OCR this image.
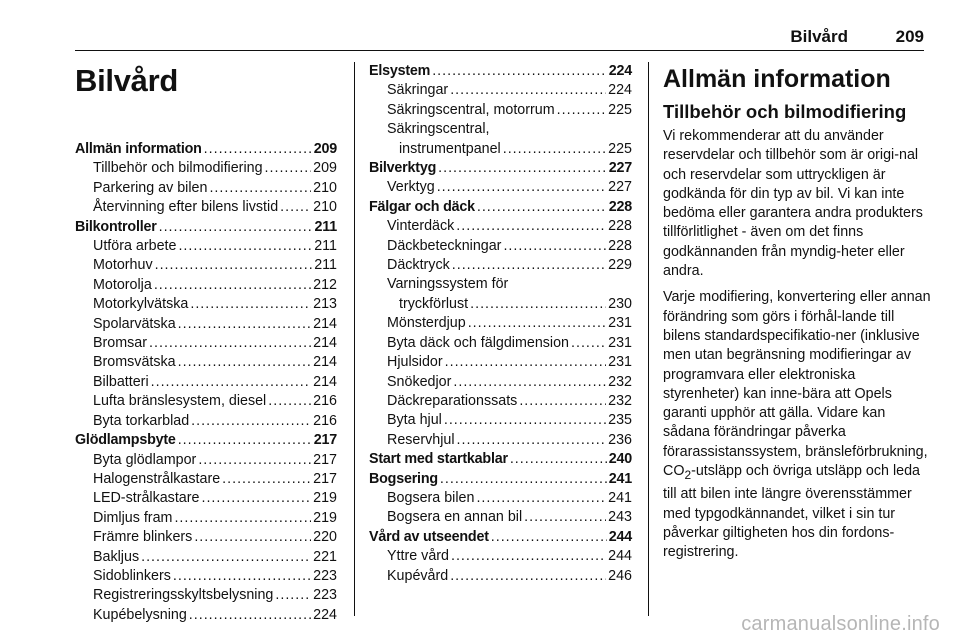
Bilvård	209
Bilvård
Allmän information .....	209
Tillbehör och bilmodifiering .....	209
Parkering av bilen .....	210
Återvinning efter bilens livstid ..... 210
Bilkontroller .....	211
Utföra arbete .....	211
Motorhuv .....	211
Motorolja .....	212
Motorkylvätska .....	213
Spolarvätska .....	214
Bromsar .....	214
Bromsvätska .....	214
Bilbatteri .....	214
Lufta bränslesystem, diesel .....	216
Byta torkarblad .....	216
Glödlampsbyte .....	217
Byta glödlampor .....	217
Halogenstrålkastare .....	217
LED-strålkastare .....	219
Dimljus fram .....	219
Främre blinkers .....	220
Bakljus .....	221
Sidoblinkers .....	223
Registreringsskyltsbelysning .....	223
Kupébelysning .....	224
Elsystem .....	224
Säkringar .....	224
Säkringscentral, motorrum .....	225
Säkringscentral,
instrumentpanel .....	225
Bilverktyg .....	227
Verktyg .....	227
Fälgar och däck .....	228
Vinterdäck .....	228
Däckbeteckningar .....	228
Däcktryck .....	229
Varningssystem för
tryckförlust .....	230
Mönsterdjup .....	231
Byta däck och fälgdimension .....	231
Hjulsidor .....	231
Snökedjor .....	232
Däckreparationssats .....	232
Byta hjul .....	235
Reservhjul .....	236
Start med startkablar .....	240
Bogsering .....	241
Bogsera bilen .....	241
Bogsera en annan bil .....	243
Vård av utseendet .....	244
Yttre vård .....	244
Kupévård .....	246
Allmän information
Tillbehör och bilmodifiering

Vi rekommenderar att du använder reservdelar och tillbehör som är origi-nal och reservdelar som uttryckligen är godkända för din typ av bil. Vi kan inte bedöma eller garantera andra produkters tillförlitlighet - även om det finns godkännanden från myndig-heter eller andra.

Varje modifiering, konvertering eller annan förändring som görs i förhål-lande till bilens standardspecifikatio-ner (inklusive men utan begränsning modifieringar av programvara eller elektroniska styrenheter) kan inne-bära att Opels garanti upphör att gälla. Vidare kan sådana förändringar påverka förarassistanssystem, bränsleförbrukning, $CO_2$-utsläpp och övriga utsläpp och leda till att bilen inte längre överensstämmer med typgodkännandet, vilket i sin tur påverkar giltigheten hos din fordons-registrering.

carmanualsonline.info
